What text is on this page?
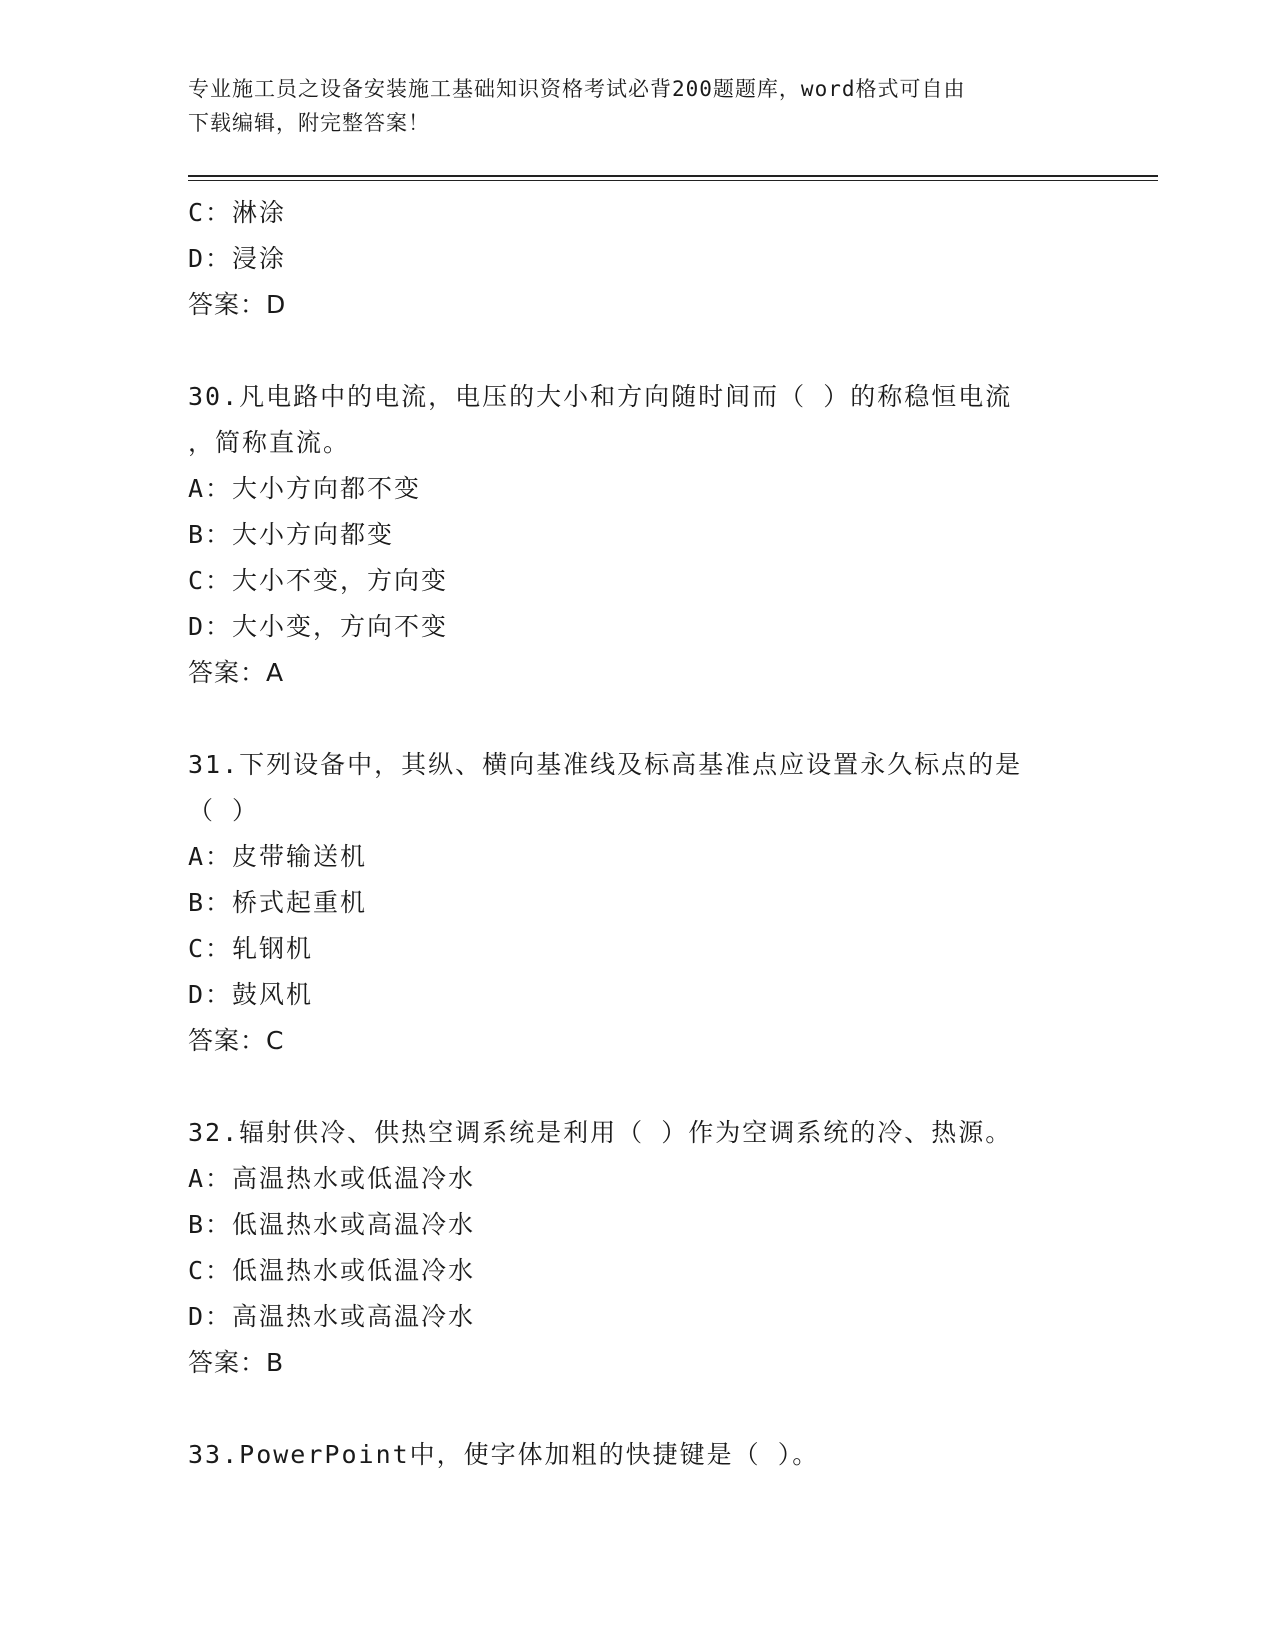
专业施工员之设备安装施工基础知识资格考试必背200题题库，word格式可自由
下载编辑，附完整答案！
C：淋涂
D：浸涂
答案：D
30.凡电路中的电流，电压的大小和方向随时间而（ ）的称稳恒电流
，简称直流。
A：大小方向都不变
B：大小方向都变
C：大小不变，方向变
D：大小变，方向不变
答案：A
31.下列设备中，其纵、横向基准线及标高基准点应设置永久标点的是
（ ）
A：皮带输送机
B：桥式起重机
C：轧钢机
D：鼓风机
答案：C
32.辐射供冷、供热空调系统是利用（ ）作为空调系统的冷、热源。
A：高温热水或低温冷水
B：低温热水或高温冷水
C：低温热水或低温冷水
D：高温热水或高温冷水
答案：B
33.PowerPoint中，使字体加粗的快捷键是（ ）。
